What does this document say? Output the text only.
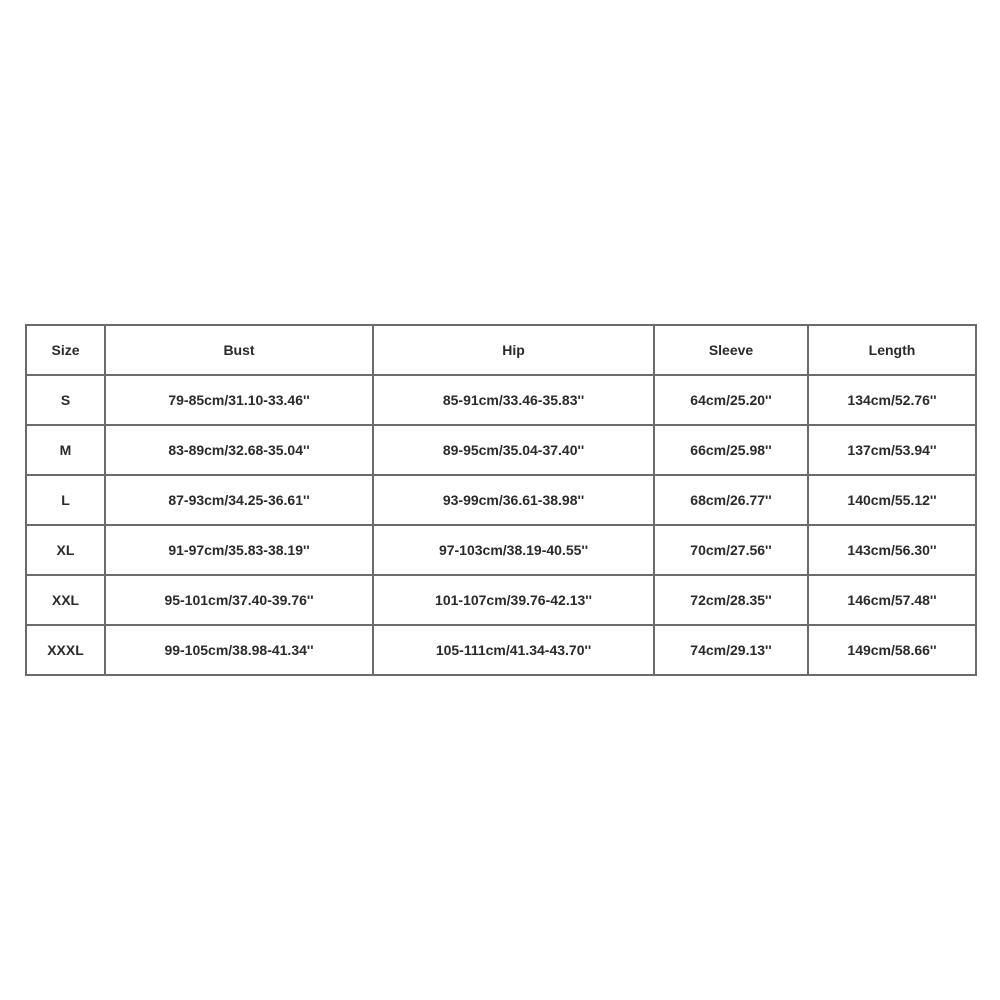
Size	Bust	Hip	Sleeve	Length
S	79-85cm/31.10-33.46''	85-91cm/33.46-35.83''	64cm/25.20''	134cm/52.76''
M	83-89cm/32.68-35.04''	89-95cm/35.04-37.40''	66cm/25.98''	137cm/53.94''
L	87-93cm/34.25-36.61''	93-99cm/36.61-38.98''	68cm/26.77''	140cm/55.12''
XL	91-97cm/35.83-38.19''	97-103cm/38.19-40.55''	70cm/27.56''	143cm/56.30''
XXL	95-101cm/37.40-39.76''	101-107cm/39.76-42.13''	72cm/28.35''	146cm/57.48''
XXXL	99-105cm/38.98-41.34''	105-111cm/41.34-43.70''	74cm/29.13''	149cm/58.66''
